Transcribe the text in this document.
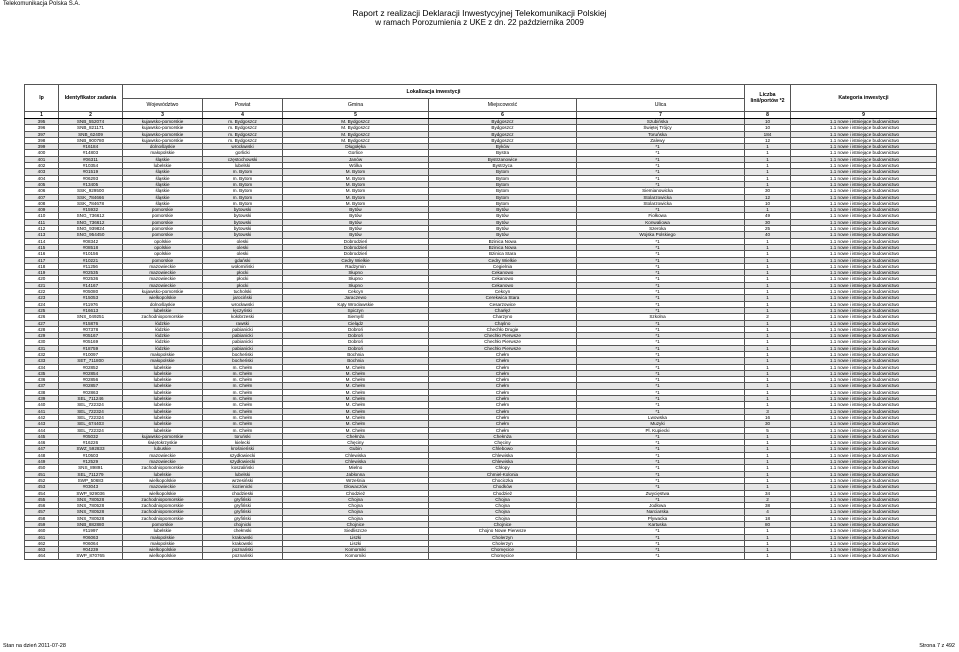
Telekomunikacja Polska S.A.
Raport z realizacji Deklaracji Inwestycyjnej Telekomunikacji Polskiej
w ramach Porozumienia z UKE z dn. 22 października 2009
lp	Identyfikator zadania	Lokalizacja inwestycji					Liczba linii/portów *2	Kategoria inwestycji
		Województwo	Powiat	Gmina	Miejscowość	Ulica		
1	2	3	4	5	6	7	8	9
395	SNB_552074	kujawsko-pomorskie	m. Bydgoszcz	M. Bydgoszcz	Bydgoszcz	Szubińska	10	1.1 nowe i istniejące budownictwo
396	SNB_821171	kujawsko-pomorskie	m. Bydgoszcz	M. Bydgoszcz	Bydgoszcz	Świętej Trójcy	10	1.1 nowe i istniejące budownictwo
397	SNB_62409	kujawsko-pomorskie	m. Bydgoszcz	M. Bydgoszcz	Bydgoszcz	Toruńska	184	1.1 nowe i istniejące budownictwo
398	SNB_900780	kujawsko-pomorskie	m. Bydgoszcz	M. Bydgoszcz	Bydgoszcz	Zalewy	12	1.1 nowe i istniejące budownictwo
399	#16184	dolnośląskie	wrocławski	Długołęka	Byków	*1	1	1.1 nowe i istniejące budownictwo
400	#14803	małopolskie	gorlicki	Gorlice	Bystra	*1	1	1.1 nowe i istniejące budownictwo
401	#06311	śląskie	częstochowski	Janów	Bystrzanowice	*1	1	1.1 nowe i istniejące budownictwo
402	#10354	lubelskie	lubelski	Wólka	Bystrzyca	*1	1	1.1 nowe i istniejące budownictwo
403	#01519	śląskie	m. Bytom	M. Bytom	Bytom	*1	1	1.1 nowe i istniejące budownictwo
404	#06293	śląskie	m. Bytom	M. Bytom	Bytom	*1	1	1.1 nowe i istniejące budownictwo
405	#13405	śląskie	m. Bytom	M. Bytom	Bytom	*1	1	1.1 nowe i istniejące budownictwo
406	SSK_929500	śląskie	m. Bytom	M. Bytom	Bytom	Siemianowicka	30	1.1 nowe i istniejące budownictwo
407	SSK_784666	śląskie	m. Bytom	M. Bytom	Bytom	Stolarzowicka	12	1.1 nowe i istniejące budownictwo
408	SSK_784678	śląskie	m. Bytom	M. Bytom	Bytom	Stolarzowicka	10	1.1 nowe i istniejące budownictwo
409	#15932	pomorskie	bytowski	Bytów	Bytów	*1	1	1.1 nowe i istniejące budownictwo
410	SNG_736612	pomorskie	bytowski	Bytów	Bytów	Fiołkowa	49	1.1 nowe i istniejące budownictwo
411	SNG_736612	pomorskie	bytowski	Bytów	Bytów	Konwaliowa	30	1.1 nowe i istniejące budownictwo
412	SNG_939824	pomorskie	bytowski	Bytów	Bytów	Szeroka	25	1.1 nowe i istniejące budownictwo
413	SNG_954450	pomorskie	bytowski	Bytów	Bytów	Wojska Polskiego	40	1.1 nowe i istniejące budownictwo
414	#08342	opolskie	oleski	Dobrodzień	Bzinica Nowa	*1	1	1.1 nowe i istniejące budownictwo
415	#08518	opolskie	oleski	Dobrodzień	Bzinica Nowa	*1	1	1.1 nowe i istniejące budownictwo
416	#10156	opolskie	oleski	Dobrodzień	Bzinica Stara	*1	1	1.1 nowe i istniejące budownictwo
417	#10221	pomorskie	gdański	Cedry Wielkie	Cedry Wielkie	*1	1	1.1 nowe i istniejące budownictwo
418	#11256	mazowieckie	wołomiński	Radzymin	Cegielnia	*1	1	1.1 nowe i istniejące budownictwo
419	#02535	mazowieckie	płocki	Słupno	Cekanowo	*1	1	1.1 nowe i istniejące budownictwo
420	#02536	mazowieckie	płocki	Słupno	Cekanowo	*1	1	1.1 nowe i istniejące budownictwo
421	#14167	mazowieckie	płocki	Słupno	Cekanowo	*1	1	1.1 nowe i istniejące budownictwo
422	#05080	kujawsko-pomorskie	tucholski	Cekcyn	Cekcyn	*1	1	1.1 nowe i istniejące budownictwo
423	#15053	wielkopolskie	jarociński	Jaraczewo	Cerekwica Stara	*1	1	1.1 nowe i istniejące budownictwo
424	#11976	dolnośląskie	wrocławski	Kąty Wrocławskie	Cesarzowice	*1	1	1.1 nowe i istniejące budownictwo
425	#16613	lubelskie	łęczyński	Spiczyn	Charłęż	*1	1	1.1 nowe i istniejące budownictwo
426	SNS_049251	zachodniopomorskie	kołobrzeski	Siemyśl	Charzyno	Szkolna	2	1.1 nowe i istniejące budownictwo
427	#15876	łódzkie	rawski	Cielądz	Chąśno	*1	1	1.1 nowe i istniejące budownictwo
428	#07378	łódzkie	pabianicki	Dobroń	Chechło Drugie	*1	1	1.1 nowe i istniejące budownictwo
429	#05167	łódzkie	pabianicki	Dobroń	Chechło Pierwsze	*1	1	1.1 nowe i istniejące budownictwo
430	#05169	łódzkie	pabianicki	Dobroń	Chechło Pierwsze	*1	1	1.1 nowe i istniejące budownictwo
431	#18759	łódzkie	pabianicki	Dobroń	Chechło Pierwsze	*1	1	1.1 nowe i istniejące budownictwo
432	#10097	małopolskie	bocheński	Bochnia	Chełm	*1	1	1.1 nowe i istniejące budownictwo
433	SET_711800	małopolskie	bocheński	Bochnia	Chełm	*1	1	1.1 nowe i istniejące budownictwo
434	#02852	lubelskie	m. Chełm	M. Chełm	Chełm	*1	1	1.1 nowe i istniejące budownictwo
435	#02854	lubelskie	m. Chełm	M. Chełm	Chełm	*1	1	1.1 nowe i istniejące budownictwo
436	#02856	lubelskie	m. Chełm	M. Chełm	Chełm	*1	1	1.1 nowe i istniejące budownictwo
437	#02857	lubelskie	m. Chełm	M. Chełm	Chełm	*1	1	1.1 nowe i istniejące budownictwo
438	#02863	lubelskie	m. Chełm	M. Chełm	Chełm	*1	1	1.1 nowe i istniejące budownictwo
439	SEL_711246	lubelskie	m. Chełm	M. Chełm	Chełm	*1	1	1.1 nowe i istniejące budownictwo
440	SEL_722324	lubelskie	m. Chełm	M. Chełm	Chełm	*1	1	1.1 nowe i istniejące budownictwo
441	SEL_722324	lubelskie	m. Chełm	M. Chełm	Chełm	*1	3	1.1 nowe i istniejące budownictwo
442	SEL_722324	lubelskie	m. Chełm	M. Chełm	Chełm	Lwowska	16	1.1 nowe i istniejące budownictwo
443	SEL_674403	lubelskie	m. Chełm	M. Chełm	Chełm	Muzyki	30	1.1 nowe i istniejące budownictwo
444	SEL_722324	lubelskie	m. Chełm	M. Chełm	Chełm	Pl. Kupiecki	5	1.1 nowe i istniejące budownictwo
445	#05032	kujawsko-pomorskie	toruński	Chełmża	Chełmża	*1	1	1.1 nowe i istniejące budownictwo
446	#16226	świętokrzyskie	kielecki	Chęciny	Chęciny	*1	1	1.1 nowe i istniejące budownictwo
447	SWZ_592833	lubuskie	krośnieński	Gubin	Chlebowo	*1	1	1.1 nowe i istniejące budownictwo
448	#10503	mazowieckie	szydłowiecki	Chlewiska	Chlewiska	*1	1	1.1 nowe i istniejące budownictwo
449	#12529	mazowieckie	szydłowiecki	Chlewiska	Chlewiska	*1	1	1.1 nowe i istniejące budownictwo
450	SNS_89891	zachodniopomorskie	koszaliński	Mielno	Chłopy	*1	1	1.1 nowe i istniejące budownictwo
451	SEL_711279	lubelskie	lubelski	Jabłonna	Chmiel-Kolonia	*1	1	1.1 nowe i istniejące budownictwo
452	SWP_50683	wielkopolskie	wrzesiński	Września	Chociczka	*1	1	1.1 nowe i istniejące budownictwo
453	#03043	mazowieckie	kozienicki	Głowaczów	Chodków	*1	1	1.1 nowe i istniejące budownictwo
454	SWP_929036	wielkopolskie	chodzieski	Chodzież	Chodzież	Zwycięstwa	34	1.1 nowe i istniejące budownictwo
455	SNS_780528	zachodniopomorskie	gryfiński	Chojna	Chojna	*1	2	1.1 nowe i istniejące budownictwo
456	SNS_780528	zachodniopomorskie	gryfiński	Chojna	Chojna	Jodłowa	38	1.1 nowe i istniejące budownictwo
457	SNS_780528	zachodniopomorskie	gryfiński	Chojna	Chojna	Narciarska	4	1.1 nowe i istniejące budownictwo
458	SNS_780528	zachodniopomorskie	gryfiński	Chojna	Chojna	Plywacka	18	1.1 nowe i istniejące budownictwo
459	SNB_882880	pomorskie	chojnicki	Chojnice	Chojnice	Kartuska	80	1.1 nowe i istniejące budownictwo
460	#11997	lubelskie	chełmski	Siedliszcze	Chojno Nowe Pierwsze	*1	1	1.1 nowe i istniejące budownictwo
461	#06063	małopolskie	krakowski	Liszki	Cholerzyn	*1	1	1.1 nowe i istniejące budownictwo
462	#06064	małopolskie	krakowski	Liszki	Cholerzyn	*1	1	1.1 nowe i istniejące budownictwo
463	#04239	wielkopolskie	poznański	Komorniki	Chomęcice	*1	1	1.1 nowe i istniejące budownictwo
464	SWP_870765	wielkopolskie	poznański	Komorniki	Chomęcice	*1	1	1.1 nowe i istniejące budownictwo
Stan na dzień 2011-07-28	Strona 7 z 492
